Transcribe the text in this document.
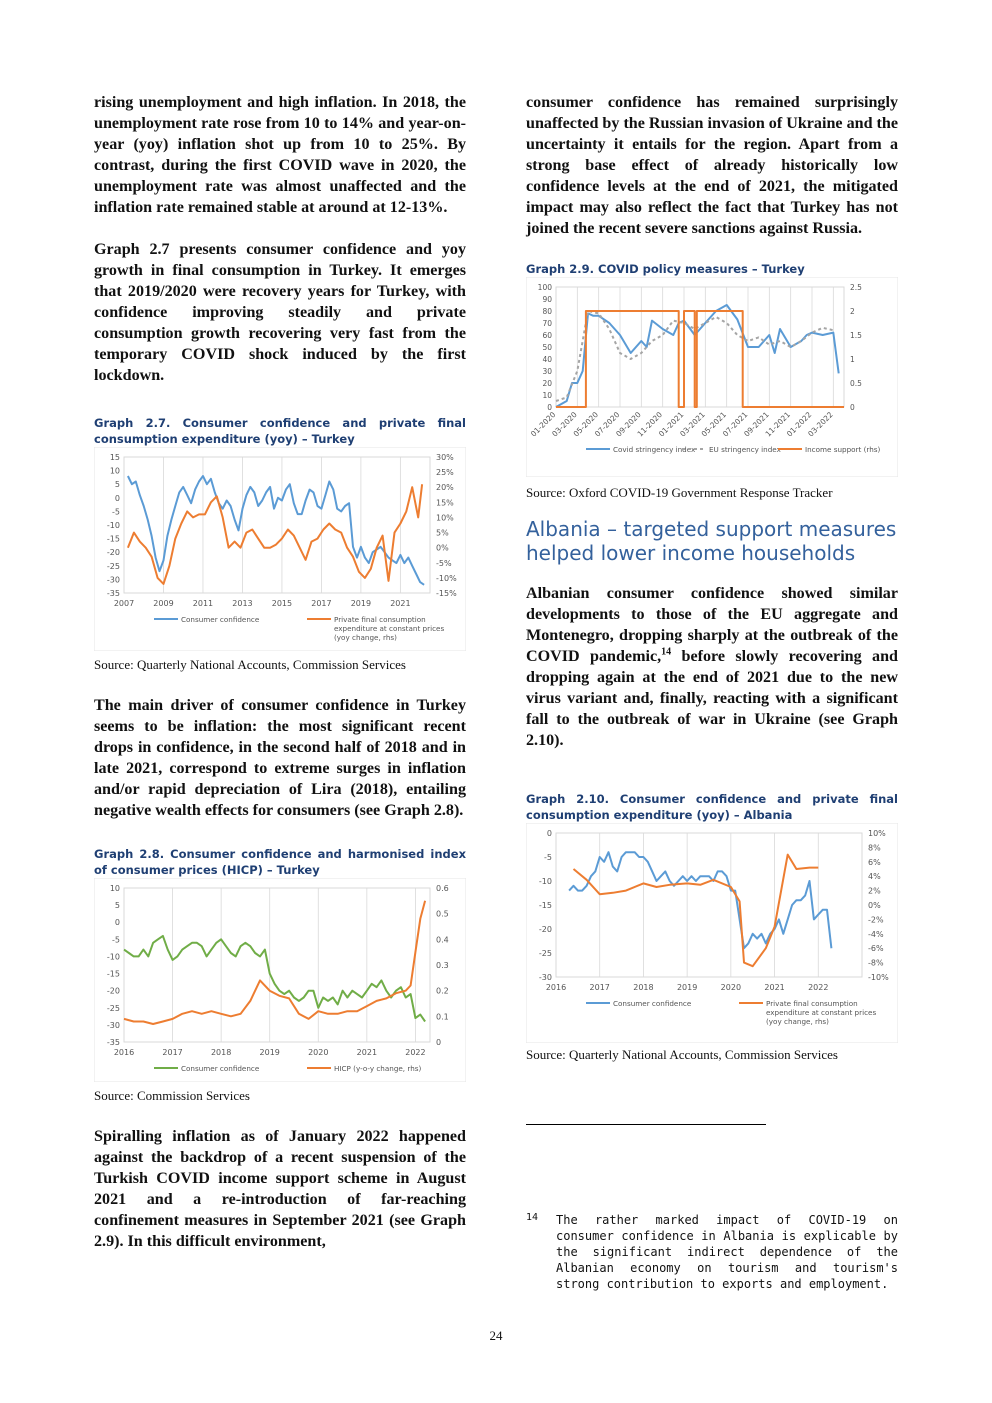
rising unemployment and high inflation. In 2018, the unemployment rate rose from 10 to 14% and year-on-year (yoy) inflation shot up from 10 to 25%. By contrast, during the first COVID wave in 2020, the unemployment rate was almost unaffected and the inflation rate remained stable at around at 12-13%.

Graph 2.7 presents consumer confidence and yoy growth in final consumption in Turkey. It emerges that 2019/2020 were recovery years for Turkey, with confidence improving steadily and private consumption growth recovering very fast from the temporary COVID shock induced by the first lockdown.

Graph 2.7. Consumer confidence and private final consumption expenditure (yoy) – Turkey

15
10
5
0
-5
-10
-15
-20
-25
-30
-35
30%
25%
20%
15%
10%
5%
0%
-5%
-10%
-15%
2007 2009 2011 2013 2015 2017 2019 2021
Consumer confidence	Private final consumption
expenditure at constant prices
(yoy change, rhs)

Source: Quarterly National Accounts, Commission Services

The main driver of consumer confidence in Turkey seems to be inflation: the most significant recent drops in confidence, in the second half of 2018 and in late 2021, correspond to extreme surges in inflation and/or rapid depreciation of Lira (2018), entailing negative wealth effects for consumers (see Graph 2.8).

Graph 2.8. Consumer confidence and harmonised index of consumer prices (HICP) – Turkey

10
5
0
-5
-10
-15
-20
-25
-30
-35
0.6
0.5
0.4
0.3
0.2
0.1
0
2016	2017	2018	2019	2020	2021	2022
Consumer confidence	HICP (y-o-y change, rhs)

Source: Commission Services

Spiralling inflation as of January 2022 happened against the backdrop of a recent suspension of the Turkish COVID income support scheme in August 2021 and a re-introduction of far-reaching confinement measures in September 2021 (see Graph 2.9). In this difficult environment,

consumer confidence has remained surprisingly unaffected by the Russian invasion of Ukraine and the uncertainty it entails for the region. Apart from a strong base effect of already historically low confidence levels at the end of 2021, the mitigated impact may also reflect the fact that Turkey has not joined the recent severe sanctions against Russia.

Graph 2.9. COVID policy measures – Turkey

100
90
80
70
60
50
40
30
20
10
0
2.5
2
1.5
1
0.5
0
01-2020
03-2020
05-2020
07-2020
09-2020
11-2020
01-2021
03-2021
05-2021
07-2021
09-2021
11-2021
01-2022
03-2022
Covid stringency index EU stringency index	Income support (rhs)

Source: Oxford COVID-19 Government Response Tracker

Albania – targeted support measures helped lower income households

Albanian consumer confidence showed similar developments to those of the EU aggregate and Montenegro, dropping sharply at the outbreak of the COVID pandemic,$^{14}$ before slowly recovering and dropping again at the end of 2021 due to the new virus variant and, finally, reacting with a significant fall to the outbreak of war in Ukraine (see Graph 2.10).

Graph 2.10. Consumer confidence and private final consumption expenditure (yoy) – Albania

0
-5
-10
-15
-20
-25
-30
10%
8%
6%
4%
2%
0%
-2%
-4%
-6%
-8%
-10%
2016	2017	2018	2019	2020	2021	2022
Consumer confidence	Private final consumption
expenditure at constant prices
(yoy change, rhs)

Source: Quarterly National Accounts, Commission Services

14 The rather marked impact of COVID-19 on consumer confidence in Albania is explicable by the significant indirect dependence of the Albanian economy on tourism and tourism's strong contribution to exports and employment.
24
